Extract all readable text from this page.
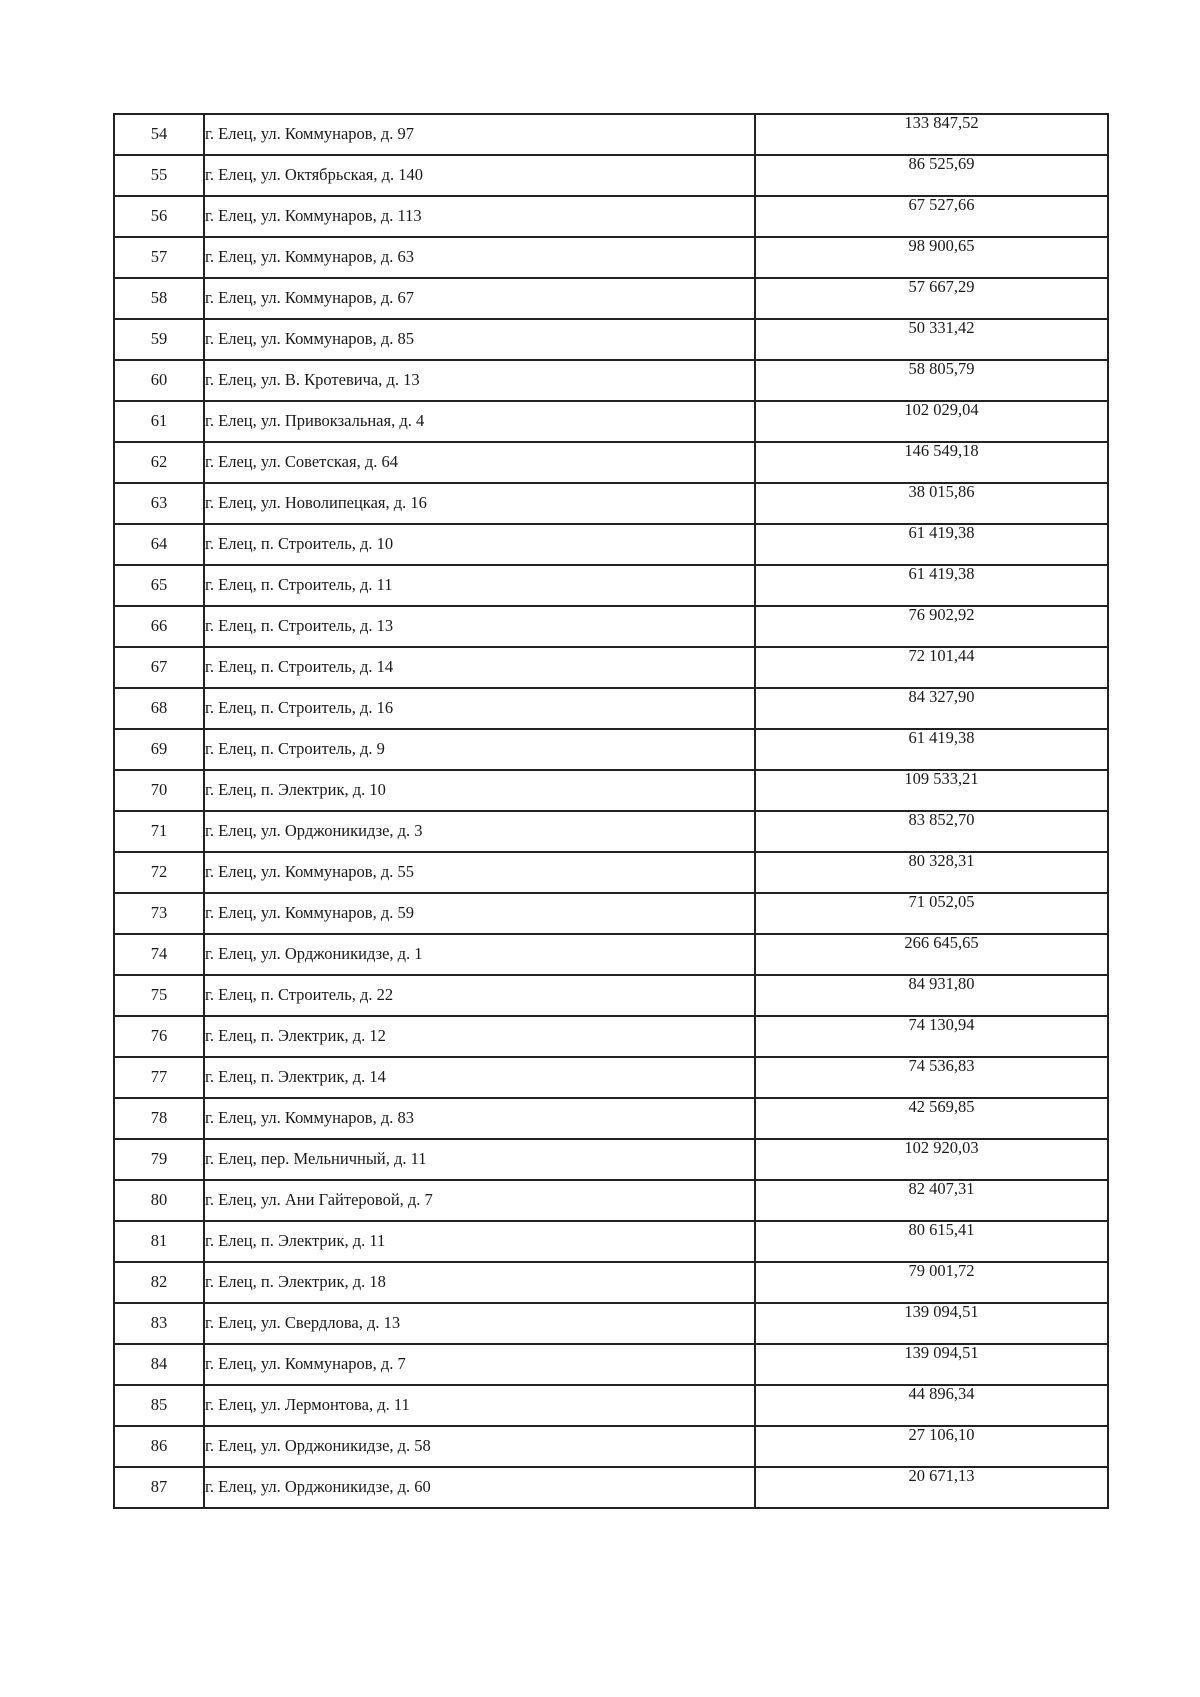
54	г. Елец, ул. Коммунаров, д. 97	133 847,52
55	г. Елец, ул. Октябрьская, д. 140	86 525,69
56	г. Елец, ул. Коммунаров, д. 113	67 527,66
57	г. Елец, ул. Коммунаров, д. 63	98 900,65
58	г. Елец, ул. Коммунаров, д. 67	57 667,29
59	г. Елец, ул. Коммунаров, д. 85	50 331,42
60	г. Елец, ул. В. Кротевича, д. 13	58 805,79
61	г. Елец, ул. Привокзальная, д. 4	102 029,04
62	г. Елец, ул. Советская, д. 64	146 549,18
63	г. Елец, ул. Новолипецкая, д. 16	38 015,86
64	г. Елец, п. Строитель, д. 10	61 419,38
65	г. Елец, п. Строитель, д. 11	61 419,38
66	г. Елец, п. Строитель, д. 13	76 902,92
67	г. Елец, п. Строитель, д. 14	72 101,44
68	г. Елец, п. Строитель, д. 16	84 327,90
69	г. Елец, п. Строитель, д. 9	61 419,38
70	г. Елец, п. Электрик, д. 10	109 533,21
71	г. Елец, ул. Орджоникидзе, д. 3	83 852,70
72	г. Елец, ул. Коммунаров, д. 55	80 328,31
73	г. Елец, ул. Коммунаров, д. 59	71 052,05
74	г. Елец, ул. Орджоникидзе, д. 1	266 645,65
75	г. Елец, п. Строитель, д. 22	84 931,80
76	г. Елец, п. Электрик, д. 12	74 130,94
77	г. Елец, п. Электрик, д. 14	74 536,83
78	г. Елец, ул. Коммунаров, д. 83	42 569,85
79	г. Елец, пер. Мельничный, д. 11	102 920,03
80	г. Елец, ул. Ани Гайтеровой, д. 7	82 407,31
81	г. Елец, п. Электрик, д. 11	80 615,41
82	г. Елец, п. Электрик, д. 18	79 001,72
83	г. Елец, ул. Свердлова, д. 13	139 094,51
84	г. Елец, ул. Коммунаров, д. 7	139 094,51
85	г. Елец, ул. Лермонтова, д. 11	44 896,34
86	г. Елец, ул. Орджоникидзе, д. 58	27 106,10
87	г. Елец, ул. Орджоникидзе, д. 60	20 671,13
